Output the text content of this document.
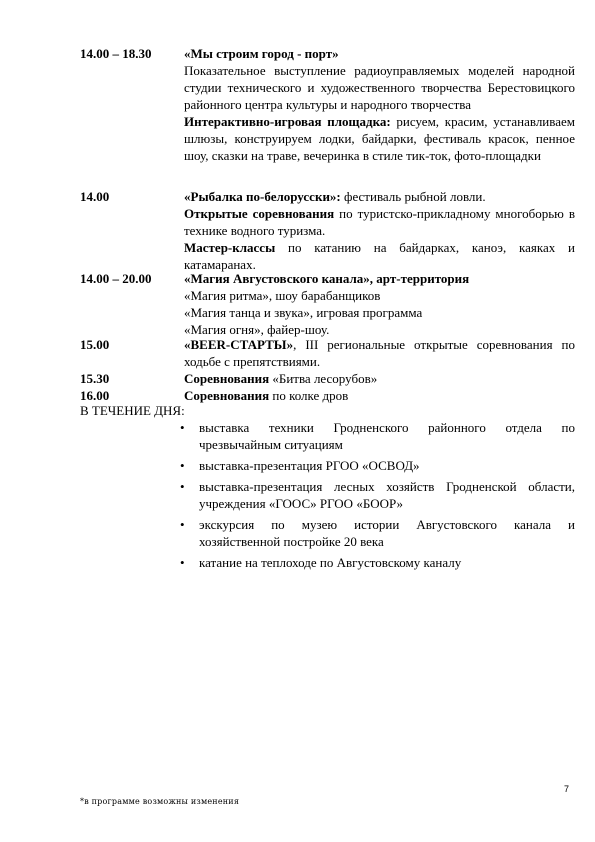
14.00 – 18.30	«Мы строим город - порт»
Показательное выступление радиоуправляемых моделей народной студии технического и художественного творчества Берестовицкого районного центра культуры и народного творчества
Интерактивно-игровая площадка: рисуем, красим, устанавливаем шлюзы, конструируем лодки, байдарки, фестиваль красок, пенное шоу, сказки на траве, вечеринка в стиле тик-ток, фото-площадки
14.00	«Рыбалка по-белорусски»: фестиваль рыбной ловли.
Открытые соревнования по туристско-прикладному многоборью в технике водного туризма.
Мастер-классы по катанию на байдарках, каноэ, каяках и катамаранах.
14.00 – 20.00	«Магия Августовского канала», арт-территория
«Магия ритма», шоу барабанщиков
«Магия танца и звука», игровая программа
«Магия огня», файер-шоу.
15.00	«BEER-СТАРТЫ», III региональные открытые соревнования по ходьбе с препятствиями.
15.30	Соревнования «Битва лесорубов»
16.00	Соревнования по колке дров
В ТЕЧЕНИЕ ДНЯ:
• выставка техники Гродненского районного отдела по чрезвычайным ситуациям
• выставка-презентация РГОО «ОСВОД»
• выставка-презентация лесных хозяйств Гродненской области, учреждения «ГООС» РГОО «БООР»
• экскурсия по музею истории Августовского канала и хозяйственной постройке 20 века
• катание на теплоходе по Августовскому каналу
7
*в программе возможны изменения
